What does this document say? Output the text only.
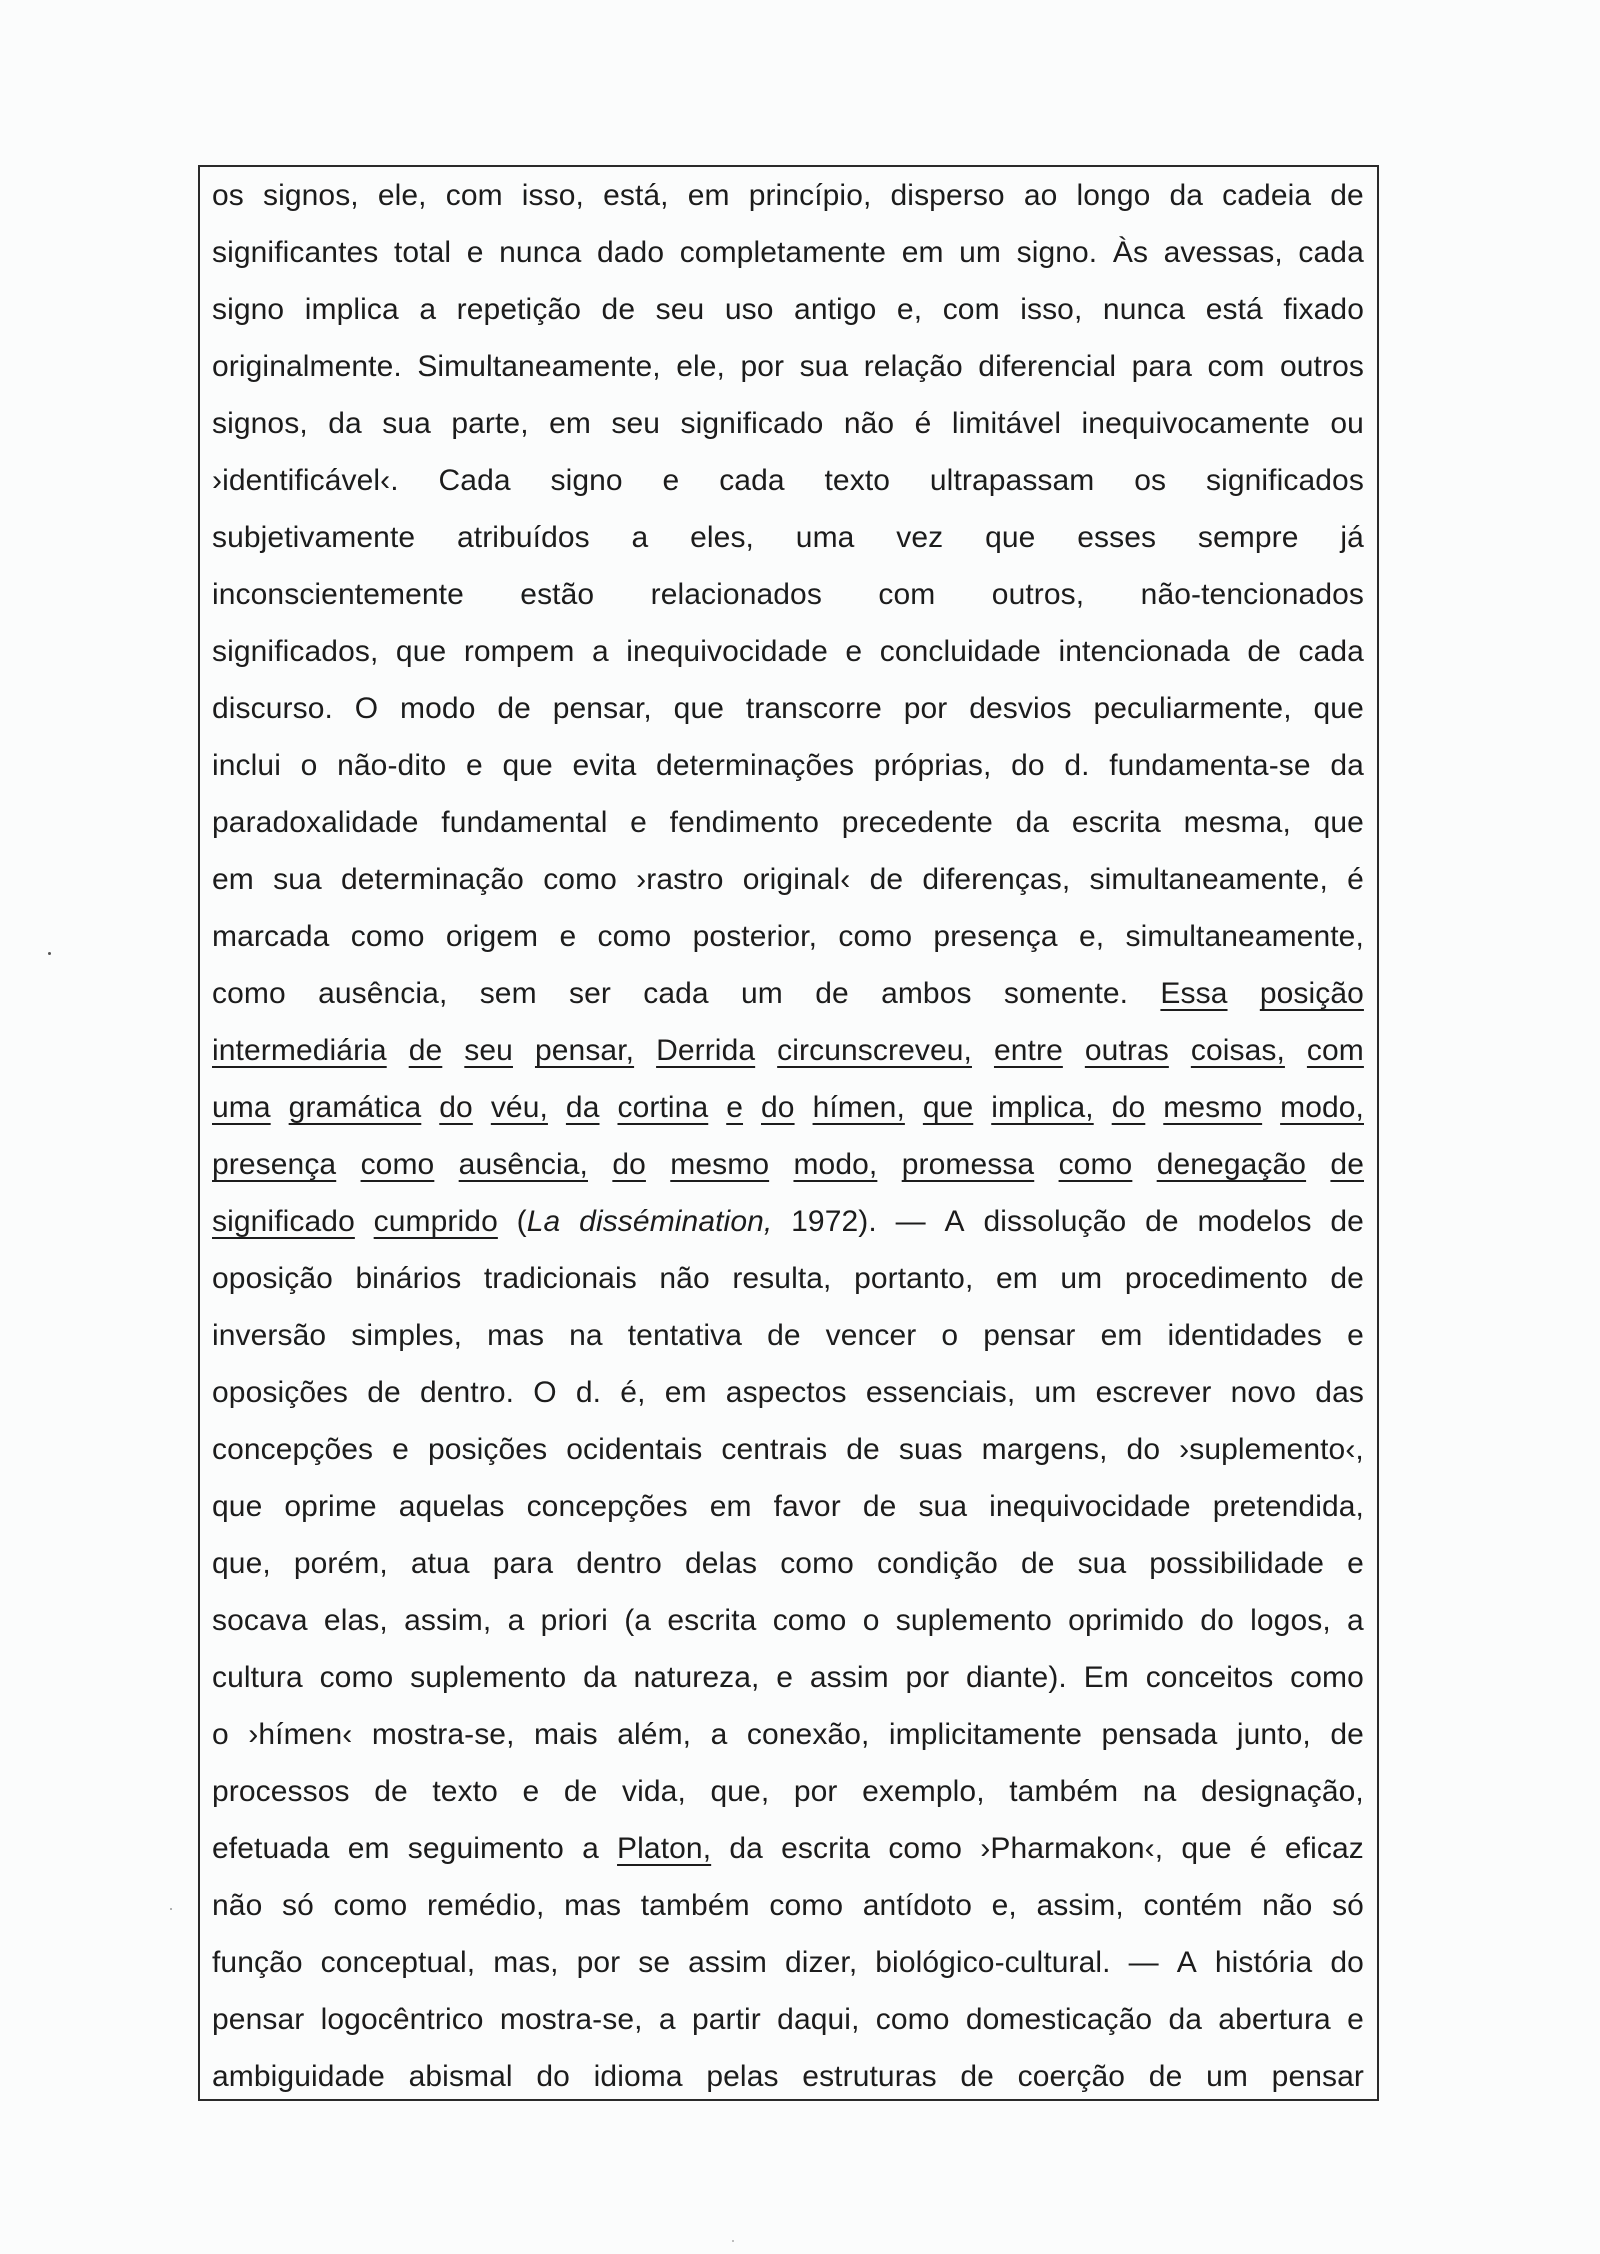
os signos, ele, com isso, está, em princípio, disperso ao longo da cadeia de
significantes total e nunca dado completamente em um signo. Às avessas, cada
signo implica a repetição de seu uso antigo e, com isso, nunca está fixado
originalmente. Simultaneamente, ele, por sua relação diferencial para com outros
signos, da sua parte, em seu significado não é limitável inequivocamente ou
›identificável‹. Cada signo e cada texto ultrapassam os significados
subjetivamente atribuídos a eles, uma vez que esses sempre já
inconscientemente estão relacionados com outros, não-tencionados
significados, que rompem a inequivocidade e concluidade intencionada de cada
discurso. O modo de pensar, que transcorre por desvios peculiarmente, que
inclui o não-dito e que evita determinações próprias, do d. fundamenta-se da
paradoxalidade fundamental e fendimento precedente da escrita mesma, que
em sua determinação como ›rastro original‹ de diferenças, simultaneamente, é
marcada como origem e como posterior, como presença e, simultaneamente,
como ausência, sem ser cada um de ambos somente. Essa posição
intermediária de seu pensar, Derrida circunscreveu, entre outras coisas, com
uma gramática do véu, da cortina e do hímen, que implica, do mesmo modo,
presença como ausência, do mesmo modo, promessa como denegação de
significado cumprido (La dissémination, 1972). — A dissolução de modelos de
oposição binários tradicionais não resulta, portanto, em um procedimento de
inversão simples, mas na tentativa de vencer o pensar em identidades e
oposições de dentro. O d. é, em aspectos essenciais, um escrever novo das
concepções e posições ocidentais centrais de suas margens, do ›suplemento‹,
que oprime aquelas concepções em favor de sua inequivocidade pretendida,
que, porém, atua para dentro delas como condição de sua possibilidade e
socava elas, assim, a priori (a escrita como o suplemento oprimido do logos, a
cultura como suplemento da natureza, e assim por diante). Em conceitos como
o ›hímen‹ mostra-se, mais além, a conexão, implicitamente pensada junto, de
processos de texto e de vida, que, por exemplo, também na designação,
efetuada em seguimento a Platon, da escrita como ›Pharmakon‹, que é eficaz
não só como remédio, mas também como antídoto e, assim, contém não só
função conceptual, mas, por se assim dizer, biológico-cultural. — A história do
pensar logocêntrico mostra-se, a partir daqui, como domesticação da abertura e
ambiguidade abismal do idioma pelas estruturas de coerção de um pensar
